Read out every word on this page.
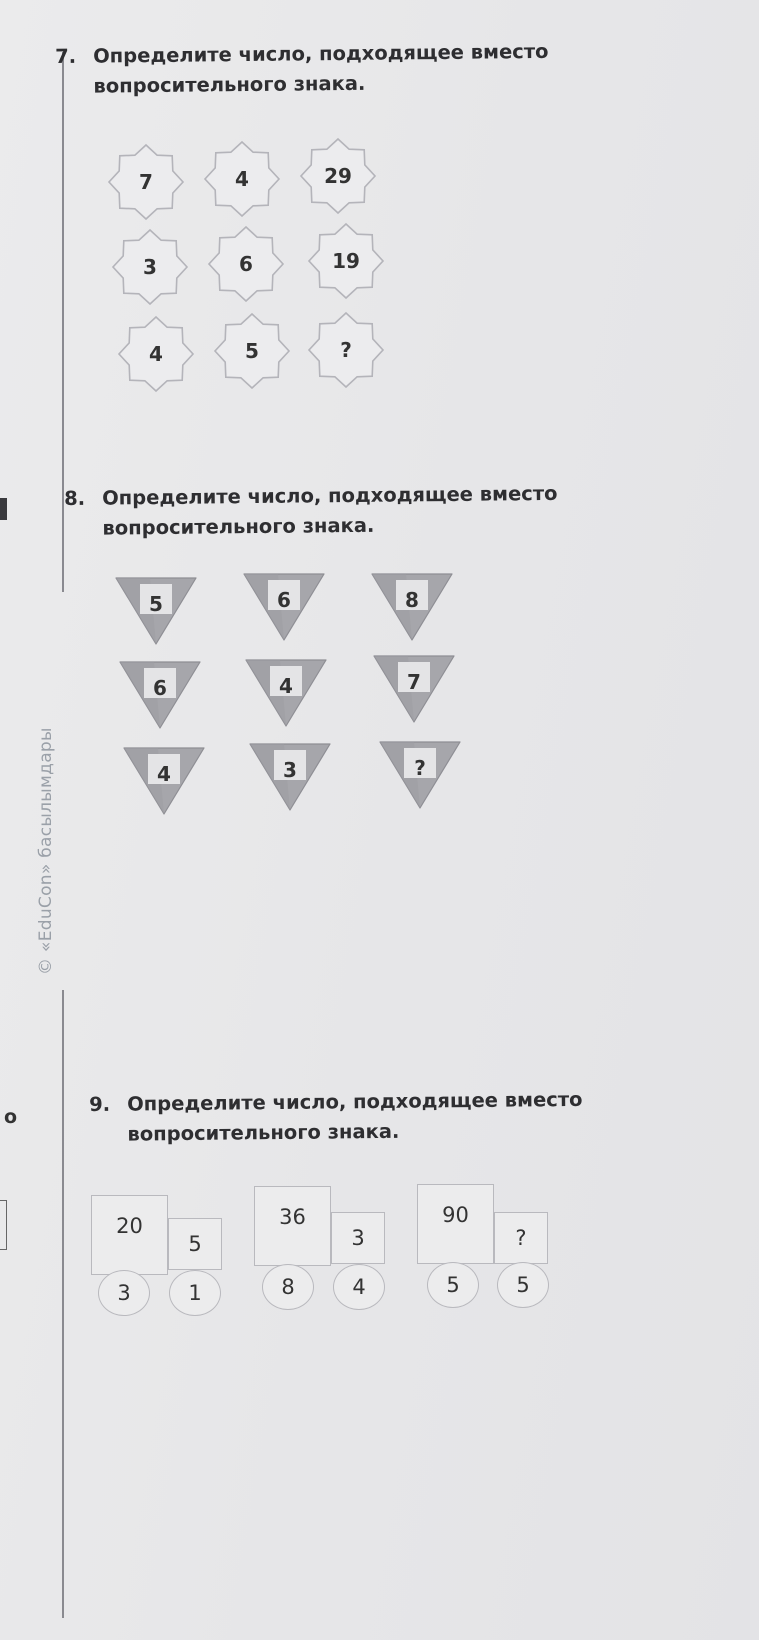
© «EduCon» басылымдары
о
7. Определите число, подходящее вместо
вопросительного знака.
7	4	29
3	6	19
4	5	?
8. Определите число, подходящее вместо
вопросительного знака.
5	6	8
6	4	7
4	3	?
9. Определите число, подходящее вместо
вопросительного знака.
20
5
3	1
36
3
8	4
90
?
5	5
